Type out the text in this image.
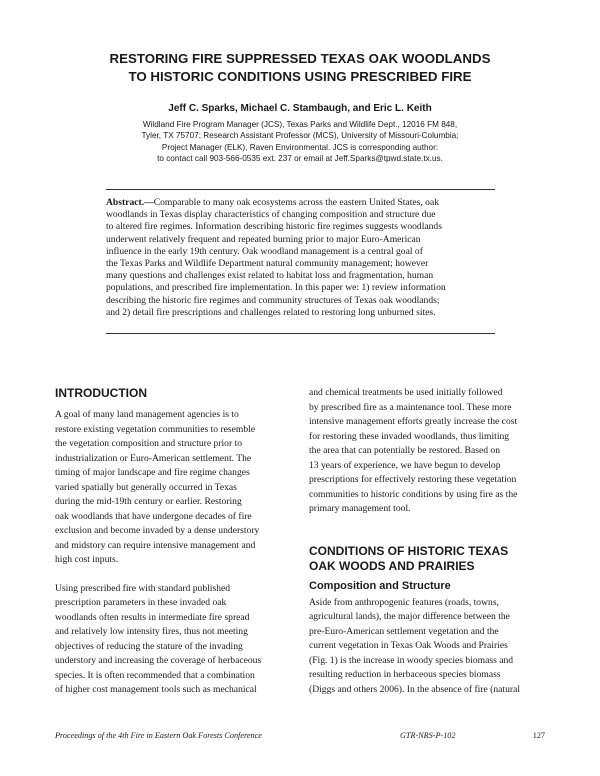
RESTORING FIRE SUPPRESSED TEXAS OAK WOODLANDS
TO HISTORIC CONDITIONS USING PRESCRIBED FIRE
Jeff C. Sparks, Michael C. Stambaugh, and Eric L. Keith
Wildland Fire Program Manager (JCS), Texas Parks and Wildlife Dept., 12016 FM 848,
Tyler, TX 75707; Research Assistant Professor (MCS), University of Missouri-Columbia;
Project Manager (ELK), Raven Environmental. JCS is corresponding author:
to contact call 903-566-0535 ext. 237 or email at Jeff.Sparks@tpwd.state.tx.us.
Abstract.—Comparable to many oak ecosystems across the eastern United States, oak
woodlands in Texas display characteristics of changing composition and structure due
to altered fire regimes. Information describing historic fire regimes suggests woodlands
underwent relatively frequent and repeated burning prior to major Euro-American
influence in the early 19th century. Oak woodland management is a central goal of
the Texas Parks and Wildlife Department natural community management; however
many questions and challenges exist related to habitat loss and fragmentation, human
populations, and prescribed fire implementation. In this paper we: 1) review information
describing the historic fire regimes and community structures of Texas oak woodlands;
and 2) detail fire prescriptions and challenges related to restoring long unburned sites.
INTRODUCTION
A goal of many land management agencies is to
restore existing vegetation communities to resemble
the vegetation composition and structure prior to
industrialization or Euro-American settlement. The
timing of major landscape and fire regime changes
varied spatially but generally occurred in Texas
during the mid-19th century or earlier. Restoring
oak woodlands that have undergone decades of fire
exclusion and become invaded by a dense understory
and midstory can require intensive management and
high cost inputs.
Using prescribed fire with standard published
prescription parameters in these invaded oak
woodlands often results in intermediate fire spread
and relatively low intensity fires, thus not meeting
objectives of reducing the stature of the invading
understory and increasing the coverage of herbaceous
species. It is often recommended that a combination
of higher cost management tools such as mechanical
and chemical treatments be used initially followed
by prescribed fire as a maintenance tool. These more
intensive management efforts greatly increase the cost
for restoring these invaded woodlands, thus limiting
the area that can potentially be restored. Based on
13 years of experience, we have begun to develop
prescriptions for effectively restoring these vegetation
communities to historic conditions by using fire as the
primary management tool.
CONDITIONS OF HISTORIC TEXAS
OAK WOODS AND PRAIRIES
Composition and Structure
Aside from anthropogenic features (roads, towns,
agricultural lands), the major difference between the
pre-Euro-American settlement vegetation and the
current vegetation in Texas Oak Woods and Prairies
(Fig. 1) is the increase in woody species biomass and
resulting reduction in herbaceous species biomass
(Diggs and others 2006). In the absence of fire (natural
Proceedings of the 4th Fire in Eastern Oak Forests Conference	GTR-NRS-P-102	127
